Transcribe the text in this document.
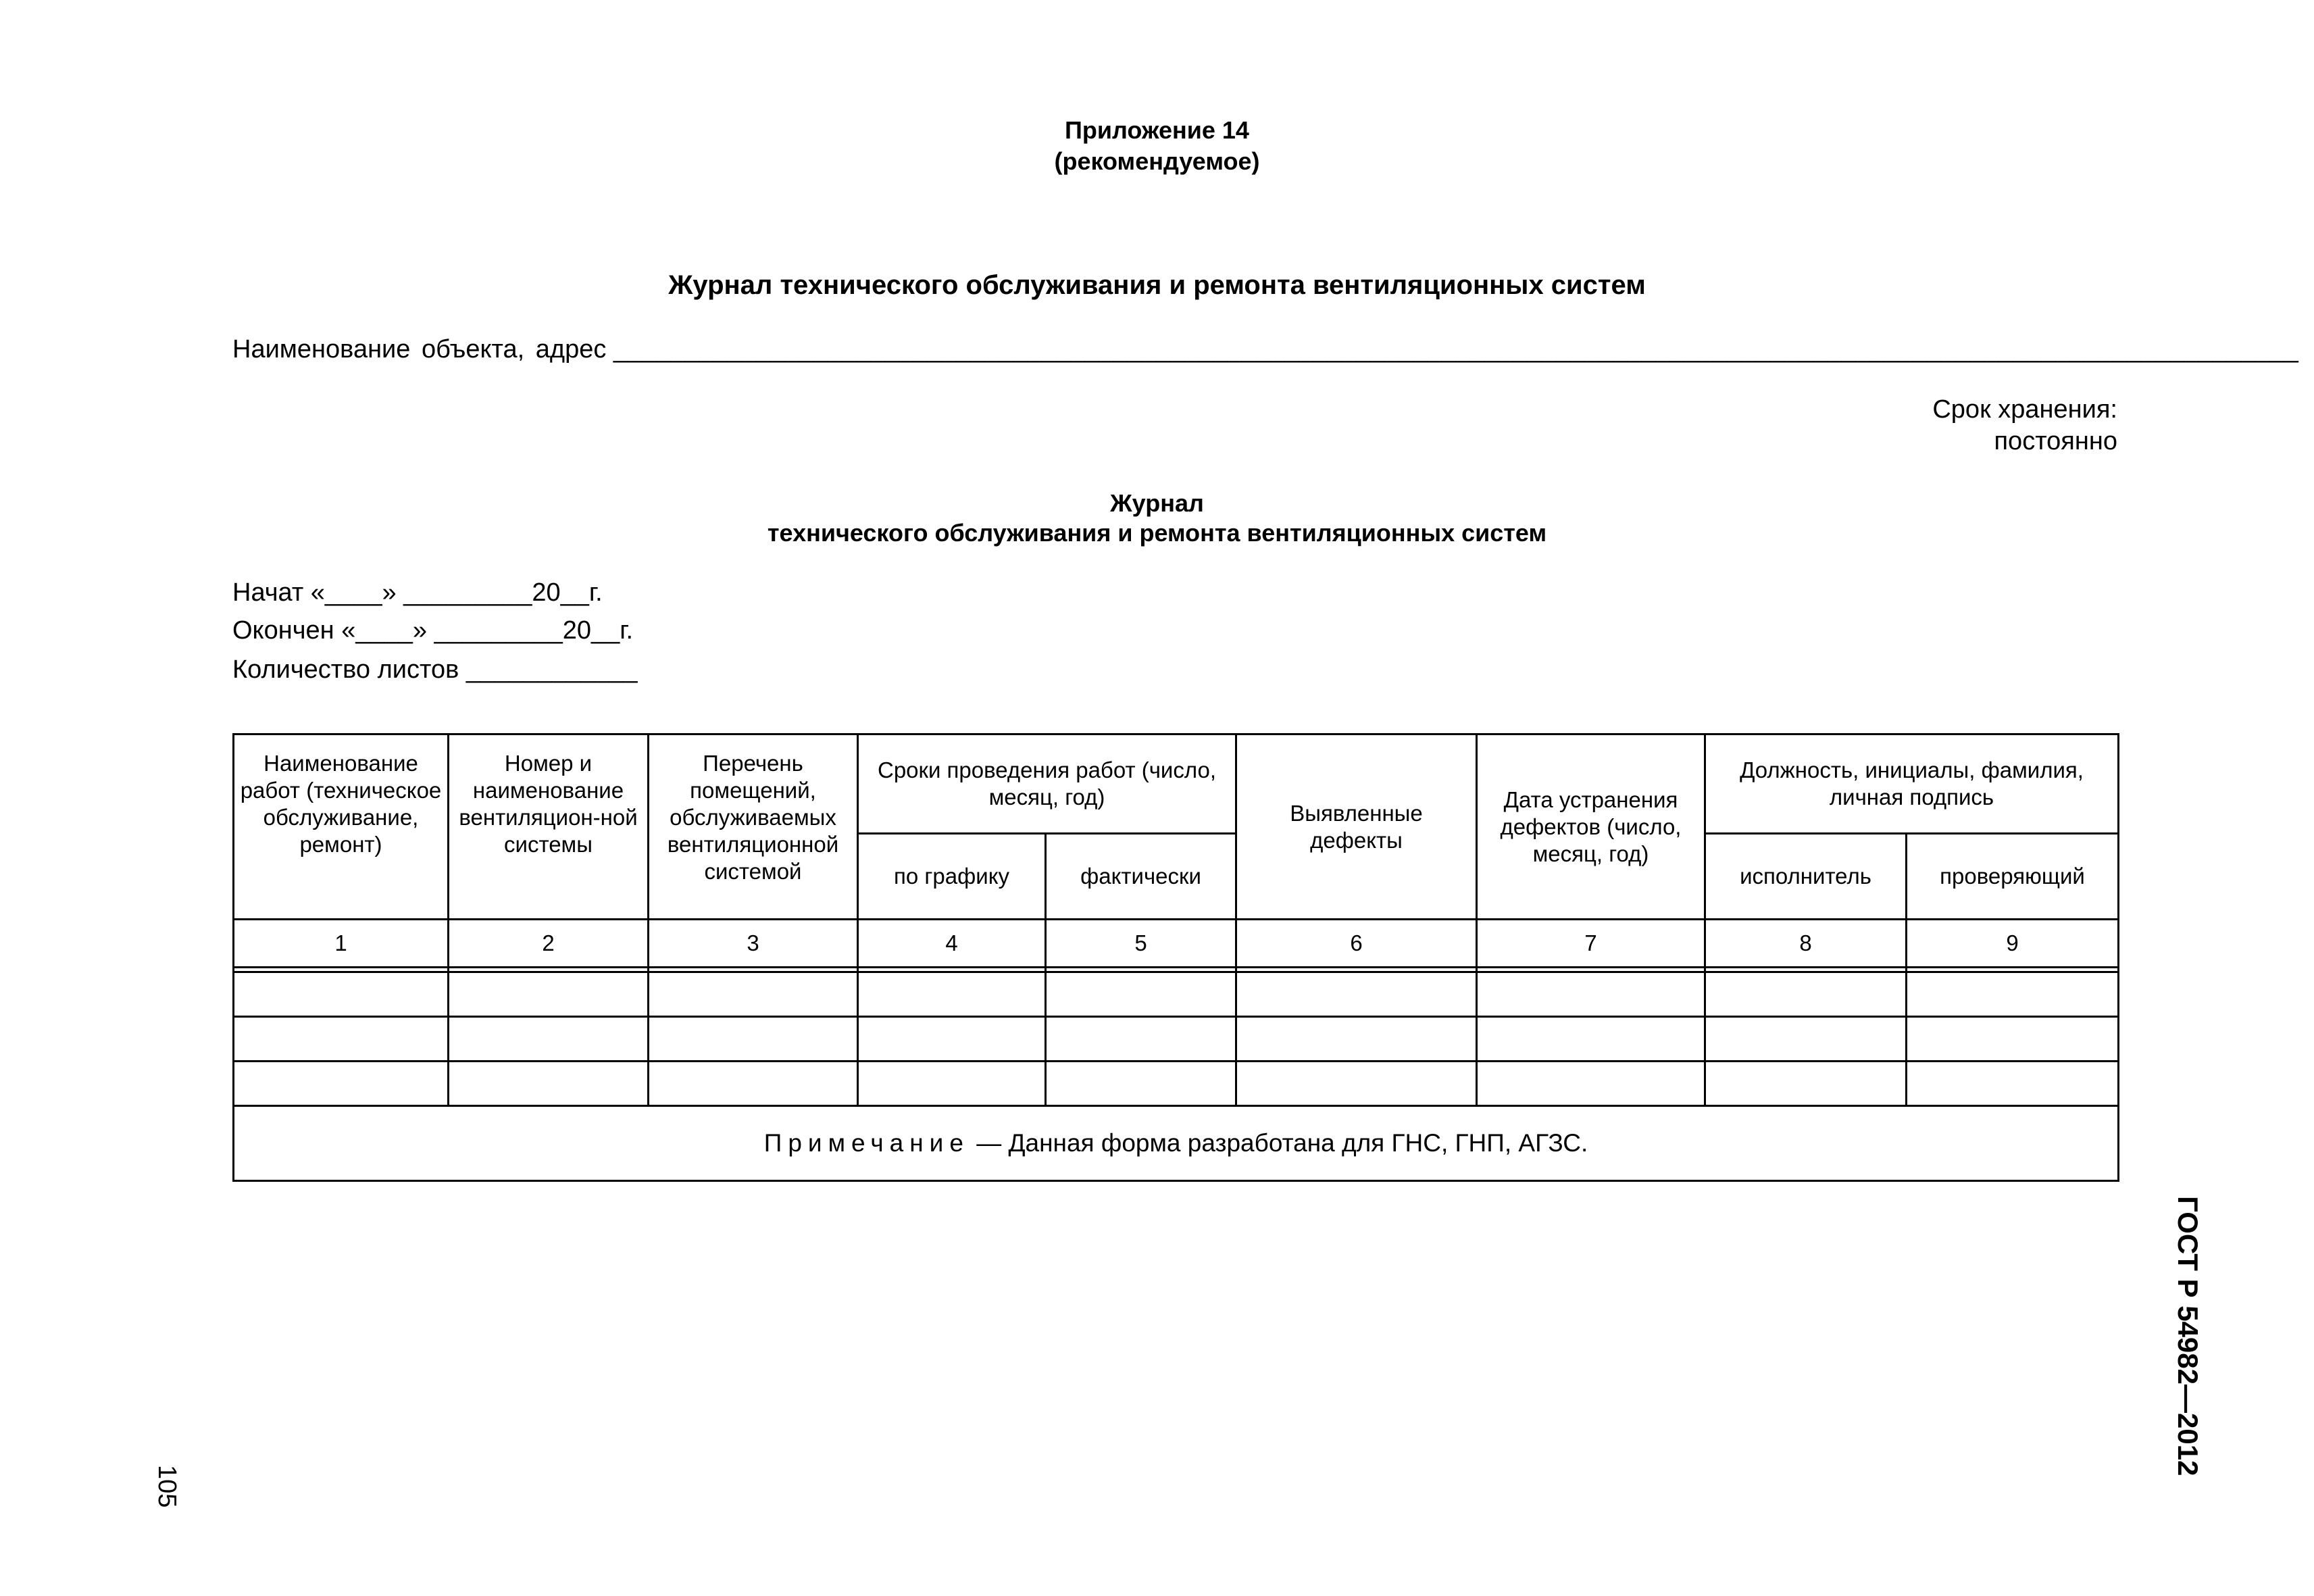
Приложение 14
(рекомендуемое)
Журнал технического обслуживания и ремонта вентиляционных систем
Наименование объекта, адрес ______________________________________________________________________________________________________________________
Срок хранения:
постоянно
Журнал
технического обслуживания и ремонта вентиляционных систем
Начат «____» _________20__г.
Окончен «____» _________20__г.
Количество листов ____________
Наименование работ (техническое обслуживание, ремонт)	Номер и наименование вентиляцион-ной системы	Перечень помещений, обслуживаемых вентиляционной системой	Сроки проведения работ (число, месяц, год)		Выявленные дефекты	Дата устранения дефектов (число, месяц, год)	Должность, инициалы, фамилия, личная подпись	
			по графику	фактически			исполнитель	проверяющий
1	2	3	4	5	6	7	8	9

Примечание — Данная форма разработана для ГНС, ГНП, АГЗС.								
105
ГОСТ Р 54982—2012
